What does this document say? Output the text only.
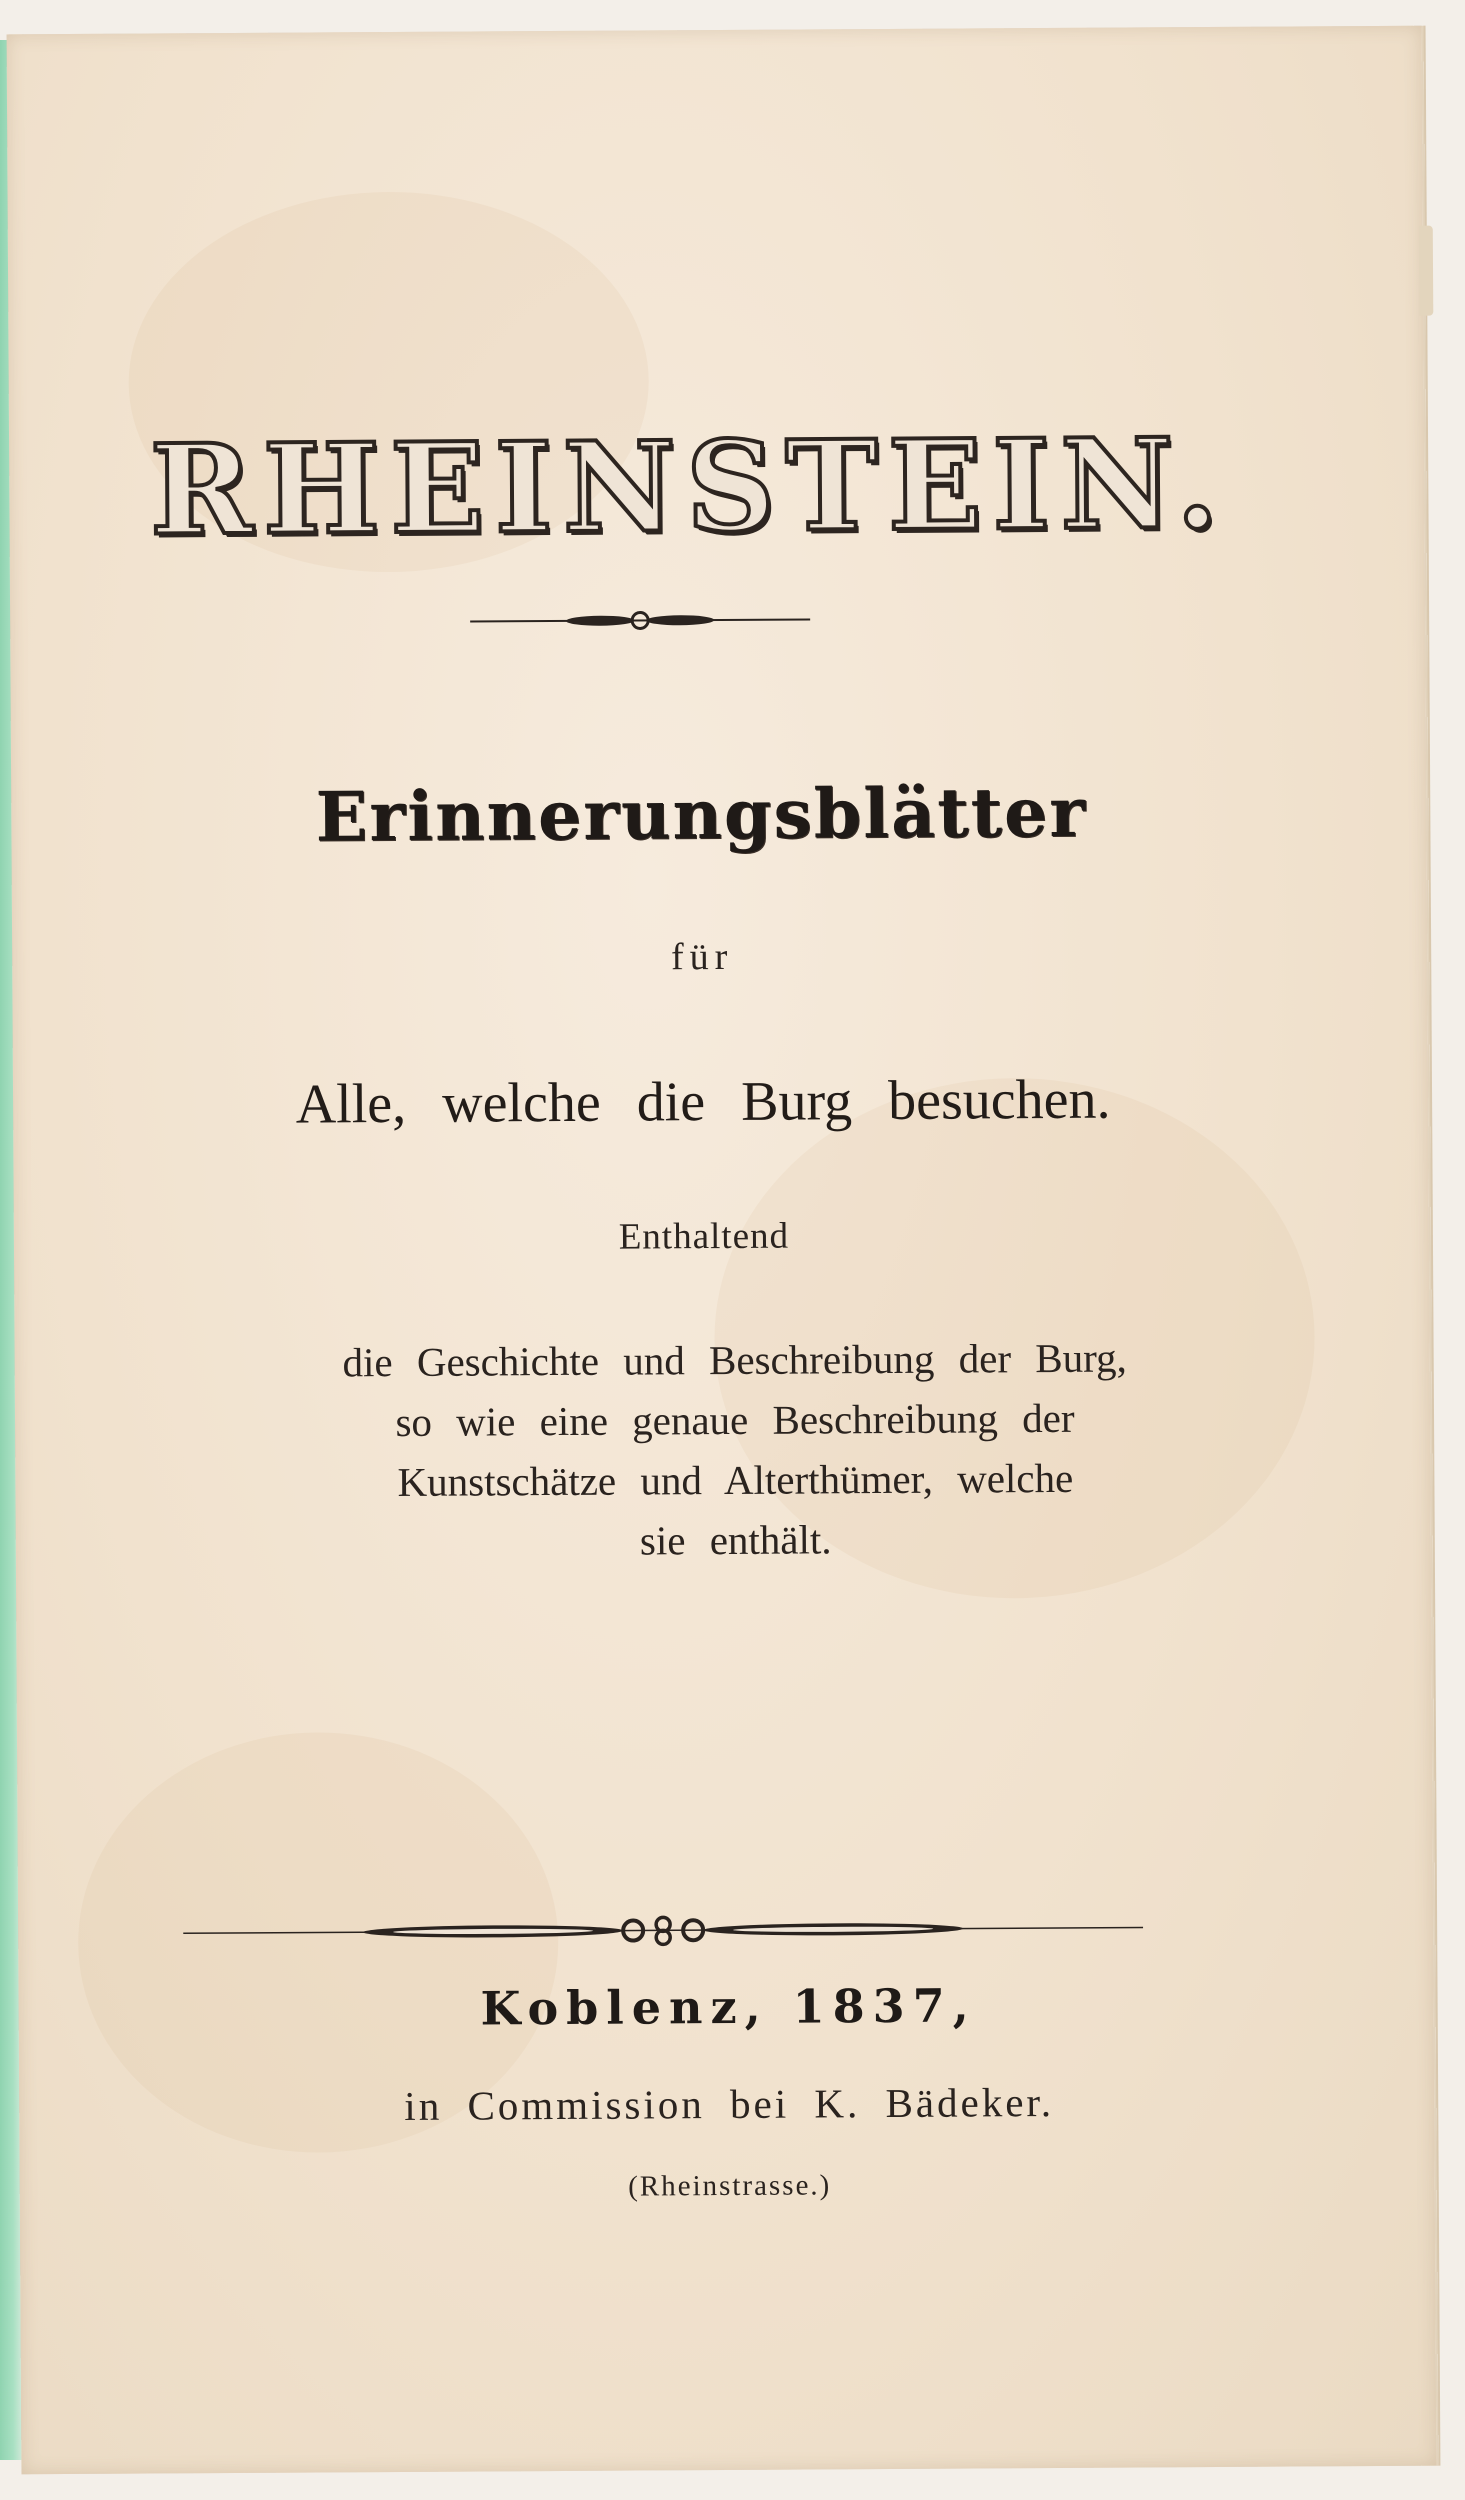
RHEINSTEIN.
Erinnerungsblätter
für
Alle, welche die Burg besuchen.
Enthaltend
die Geschichte und Beschreibung der Burg,
so wie eine genaue Beschreibung der
Kunstschätze und Alterthümer, welche
sie enthält.
Koblenz, 1837,
in Commission bei K. Bädeker.
(Rheinstrasse.)
